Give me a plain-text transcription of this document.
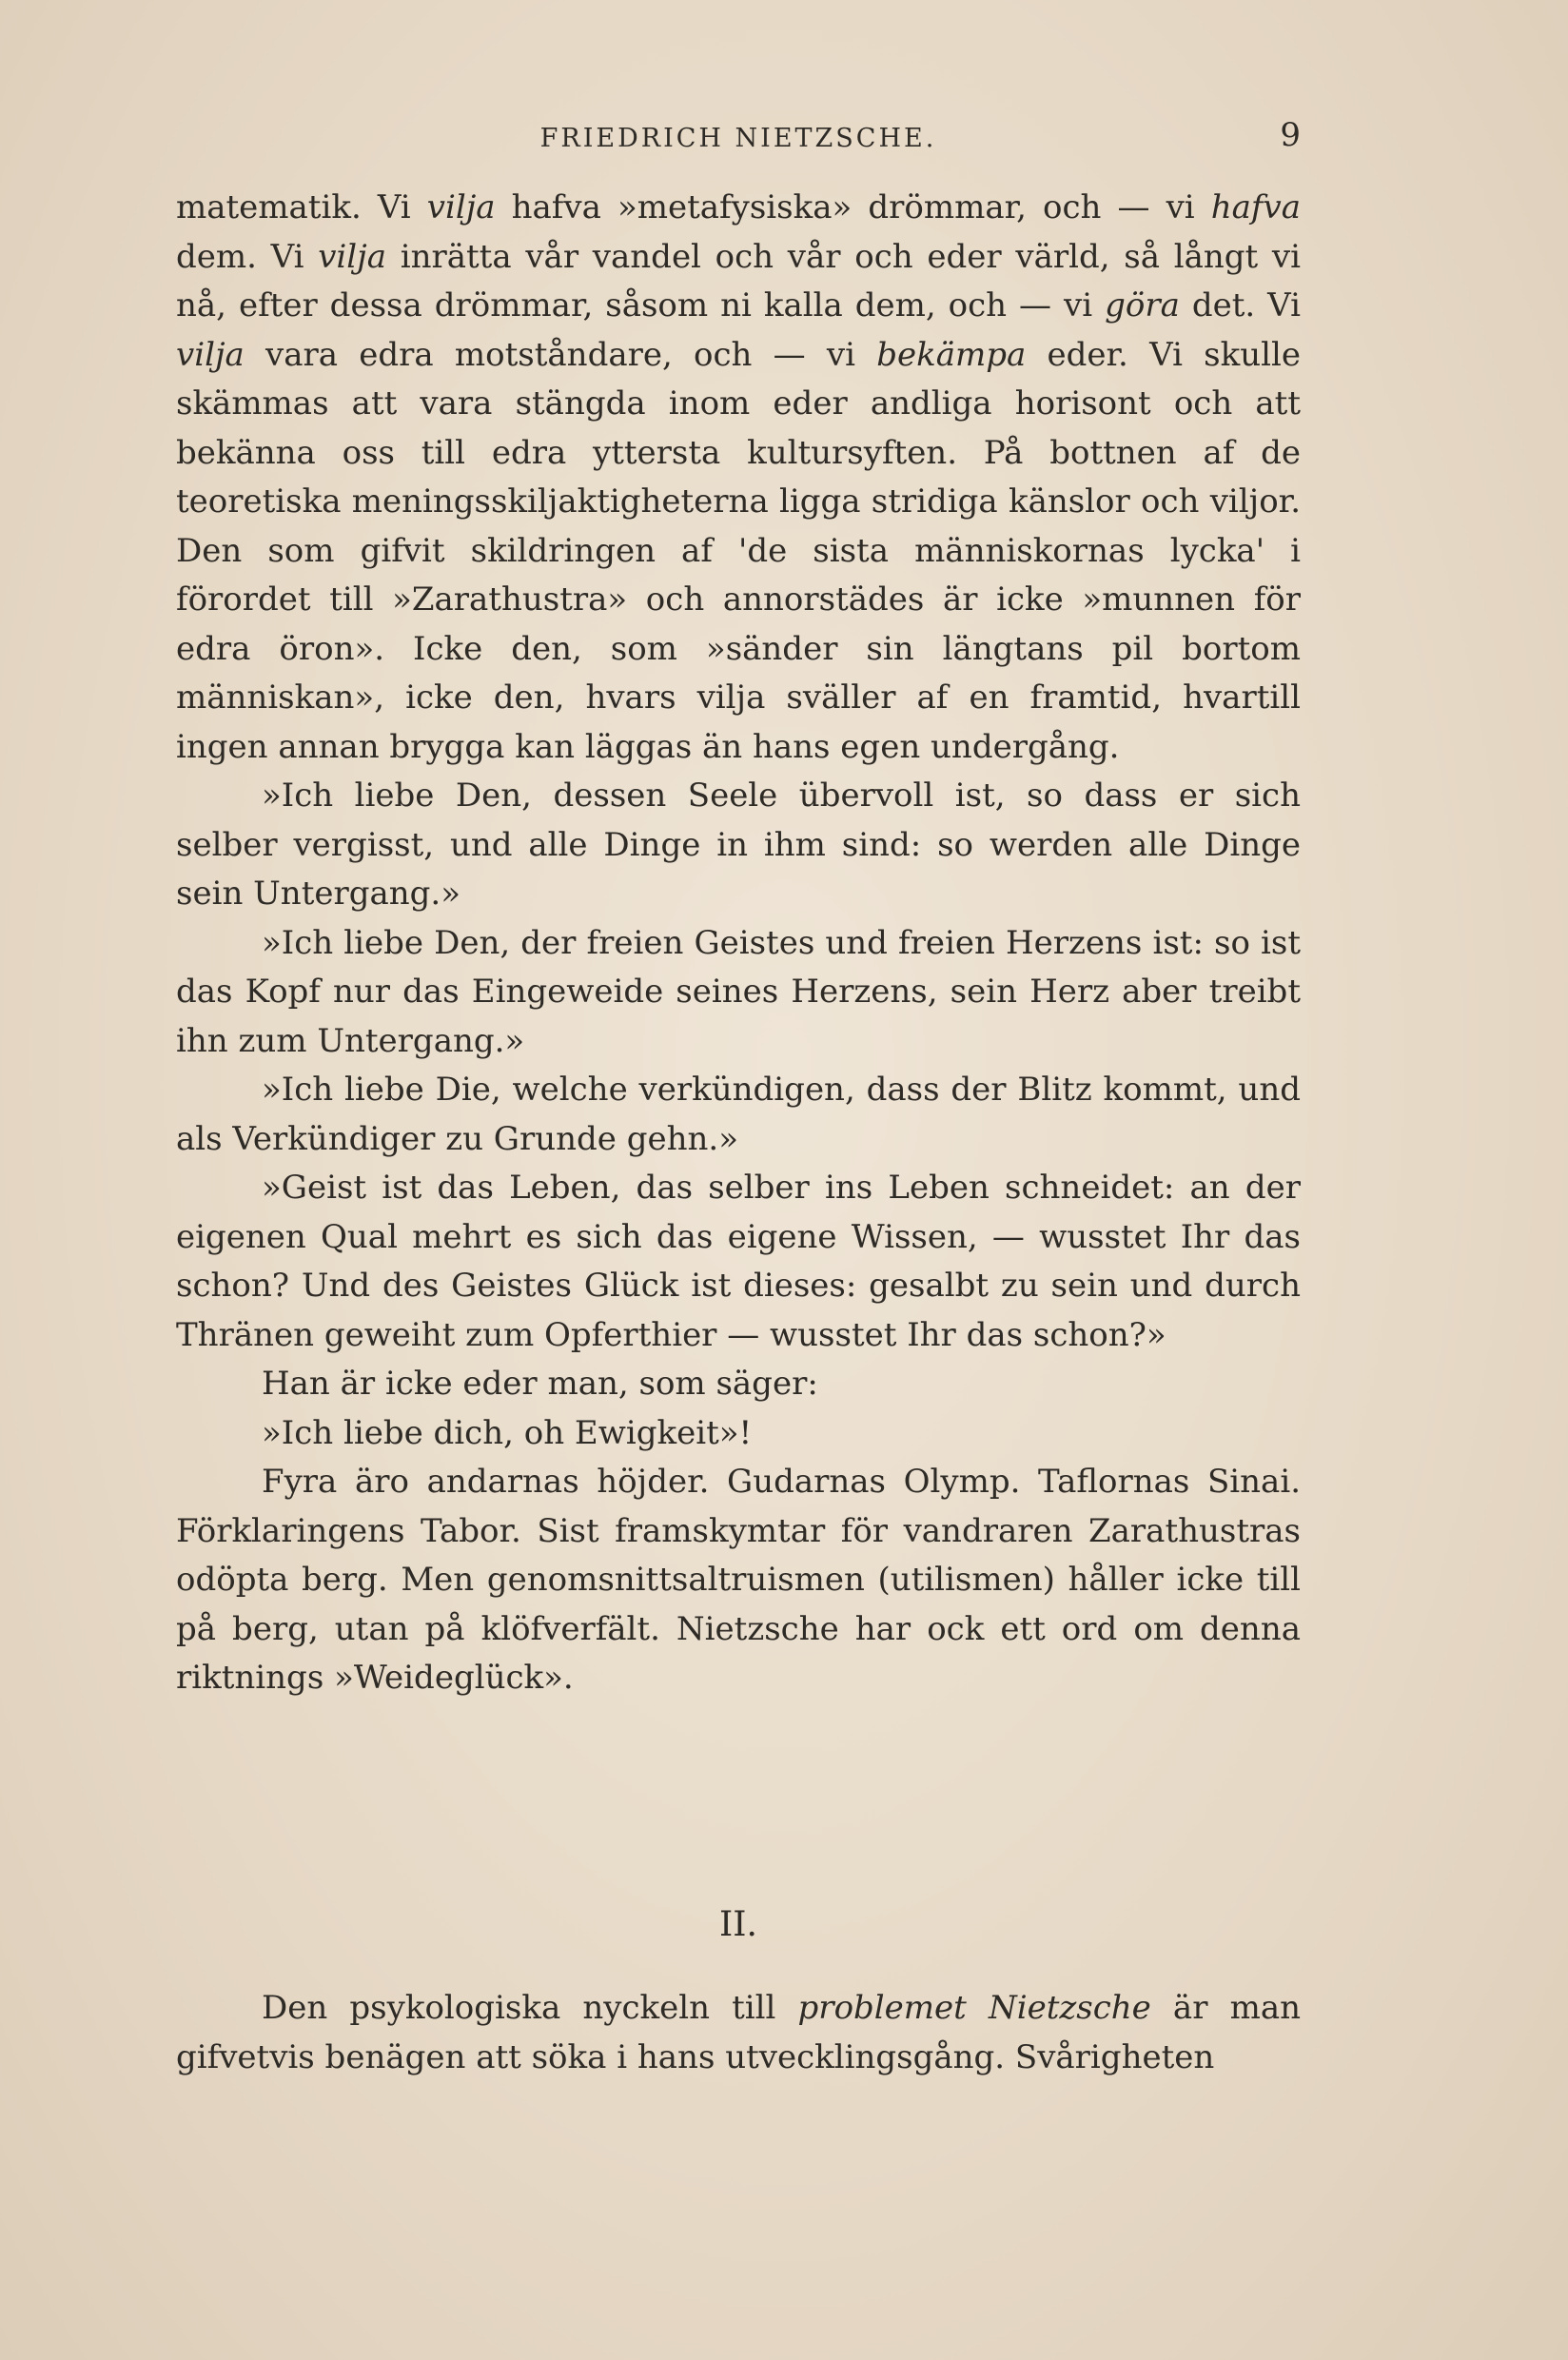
FRIEDRICH NIETZSCHE.	9

matematik. Vi vilja hafva »metafysiska» drömmar, och — vi hafva dem. Vi vilja inrätta vår vandel och vår och eder värld, så långt vi nå, efter dessa drömmar, såsom ni kalla dem, och — vi göra det. Vi vilja vara edra motståndare, och — vi bekämpa eder. Vi skulle skämmas att vara stängda inom eder andliga horisont och att bekänna oss till edra yttersta kultursyften. På bottnen af de teoretiska meningsskiljaktigheterna ligga stridiga känslor och viljor. Den som gifvit skildringen af 'de sista människornas lycka' i förordet till »Zarathustra» och annorstädes är icke »munnen för edra öron». Icke den, som »sänder sin längtans pil bortom människan», icke den, hvars vilja sväller af en framtid, hvartill ingen annan brygga kan läggas än hans egen undergång.

»Ich liebe Den, dessen Seele übervoll ist, so dass er sich selber vergisst, und alle Dinge in ihm sind: so werden alle Dinge sein Untergang.»

»Ich liebe Den, der freien Geistes und freien Herzens ist: so ist das Kopf nur das Eingeweide seines Herzens, sein Herz aber treibt ihn zum Untergang.»

»Ich liebe Die, welche verkündigen, dass der Blitz kommt, und als Verkündiger zu Grunde gehn.»

»Geist ist das Leben, das selber ins Leben schneidet: an der eigenen Qual mehrt es sich das eigene Wissen, — wusstet Ihr das schon? Und des Geistes Glück ist dieses: gesalbt zu sein und durch Thränen geweiht zum Opferthier — wusstet Ihr das schon?»

Han är icke eder man, som säger:

»Ich liebe dich, oh Ewigkeit»!

Fyra äro andarnas höjder. Gudarnas Olymp. Taflornas Sinai. Förklaringens Tabor. Sist framskymtar för vandraren Zarathustras odöpta berg. Men genomsnittsaltruismen (utilismen) håller icke till på berg, utan på klöfverfält. Nietzsche har ock ett ord om denna riktnings »Weideglück».

II.

Den psykologiska nyckeln till problemet Nietzsche är man gifvetvis benägen att söka i hans utvecklingsgång. Svårigheten
